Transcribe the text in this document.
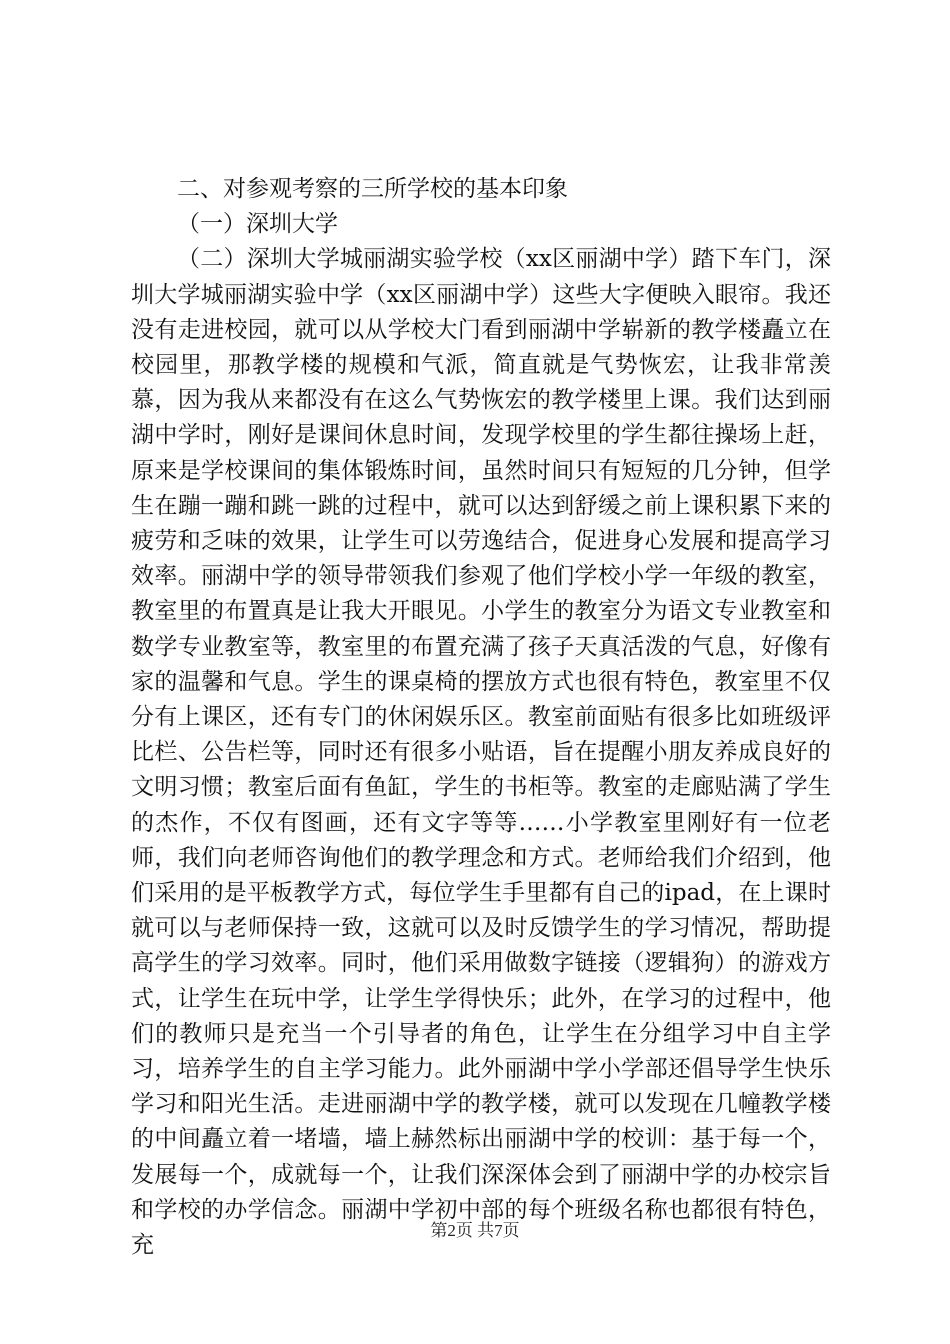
二、对参观考察的三所学校的基本印象

（一）深圳大学

（二）深圳大学城丽湖实验学校（xx区丽湖中学）踏下车门，深圳大学城丽湖实验中学（xx区丽湖中学）这些大字便映入眼帘。我还没有走进校园，就可以从学校大门看到丽湖中学崭新的教学楼矗立在校园里，那教学楼的规模和气派，简直就是气势恢宏，让我非常羡慕，因为我从来都没有在这么气势恢宏的教学楼里上课。我们达到丽湖中学时，刚好是课间休息时间，发现学校里的学生都往操场上赶，原来是学校课间的集体锻炼时间，虽然时间只有短短的几分钟，但学生在蹦一蹦和跳一跳的过程中，就可以达到舒缓之前上课积累下来的疲劳和乏味的效果，让学生可以劳逸结合，促进身心发展和提高学习效率。丽湖中学的领导带领我们参观了他们学校小学一年级的教室，教室里的布置真是让我大开眼见。小学生的教室分为语文专业教室和数学专业教室等，教室里的布置充满了孩子天真活泼的气息，好像有家的温馨和气息。学生的课桌椅的摆放方式也很有特色，教室里不仅分有上课区，还有专门的休闲娱乐区。教室前面贴有很多比如班级评比栏、公告栏等，同时还有很多小贴语，旨在提醒小朋友养成良好的文明习惯；教室后面有鱼缸，学生的书柜等。教室的走廊贴满了学生的杰作，不仅有图画，还有文字等等……小学教室里刚好有一位老师，我们向老师咨询他们的教学理念和方式。老师给我们介绍到，他们采用的是平板教学方式，每位学生手里都有自己的ipad，在上课时就可以与老师保持一致，这就可以及时反馈学生的学习情况，帮助提高学生的学习效率。同时，他们采用做数字链接（逻辑狗）的游戏方式，让学生在玩中学，让学生学得快乐；此外，在学习的过程中，他们的教师只是充当一个引导者的角色，让学生在分组学习中自主学习，培养学生的自主学习能力。此外丽湖中学小学部还倡导学生快乐学习和阳光生活。走进丽湖中学的教学楼，就可以发现在几幢教学楼的中间矗立着一堵墙，墙上赫然标出丽湖中学的校训：基于每一个，发展每一个，成就每一个，让我们深深体会到了丽湖中学的办校宗旨和学校的办学信念。丽湖中学初中部的每个班级名称也都很有特色，充

第2页 共7页
